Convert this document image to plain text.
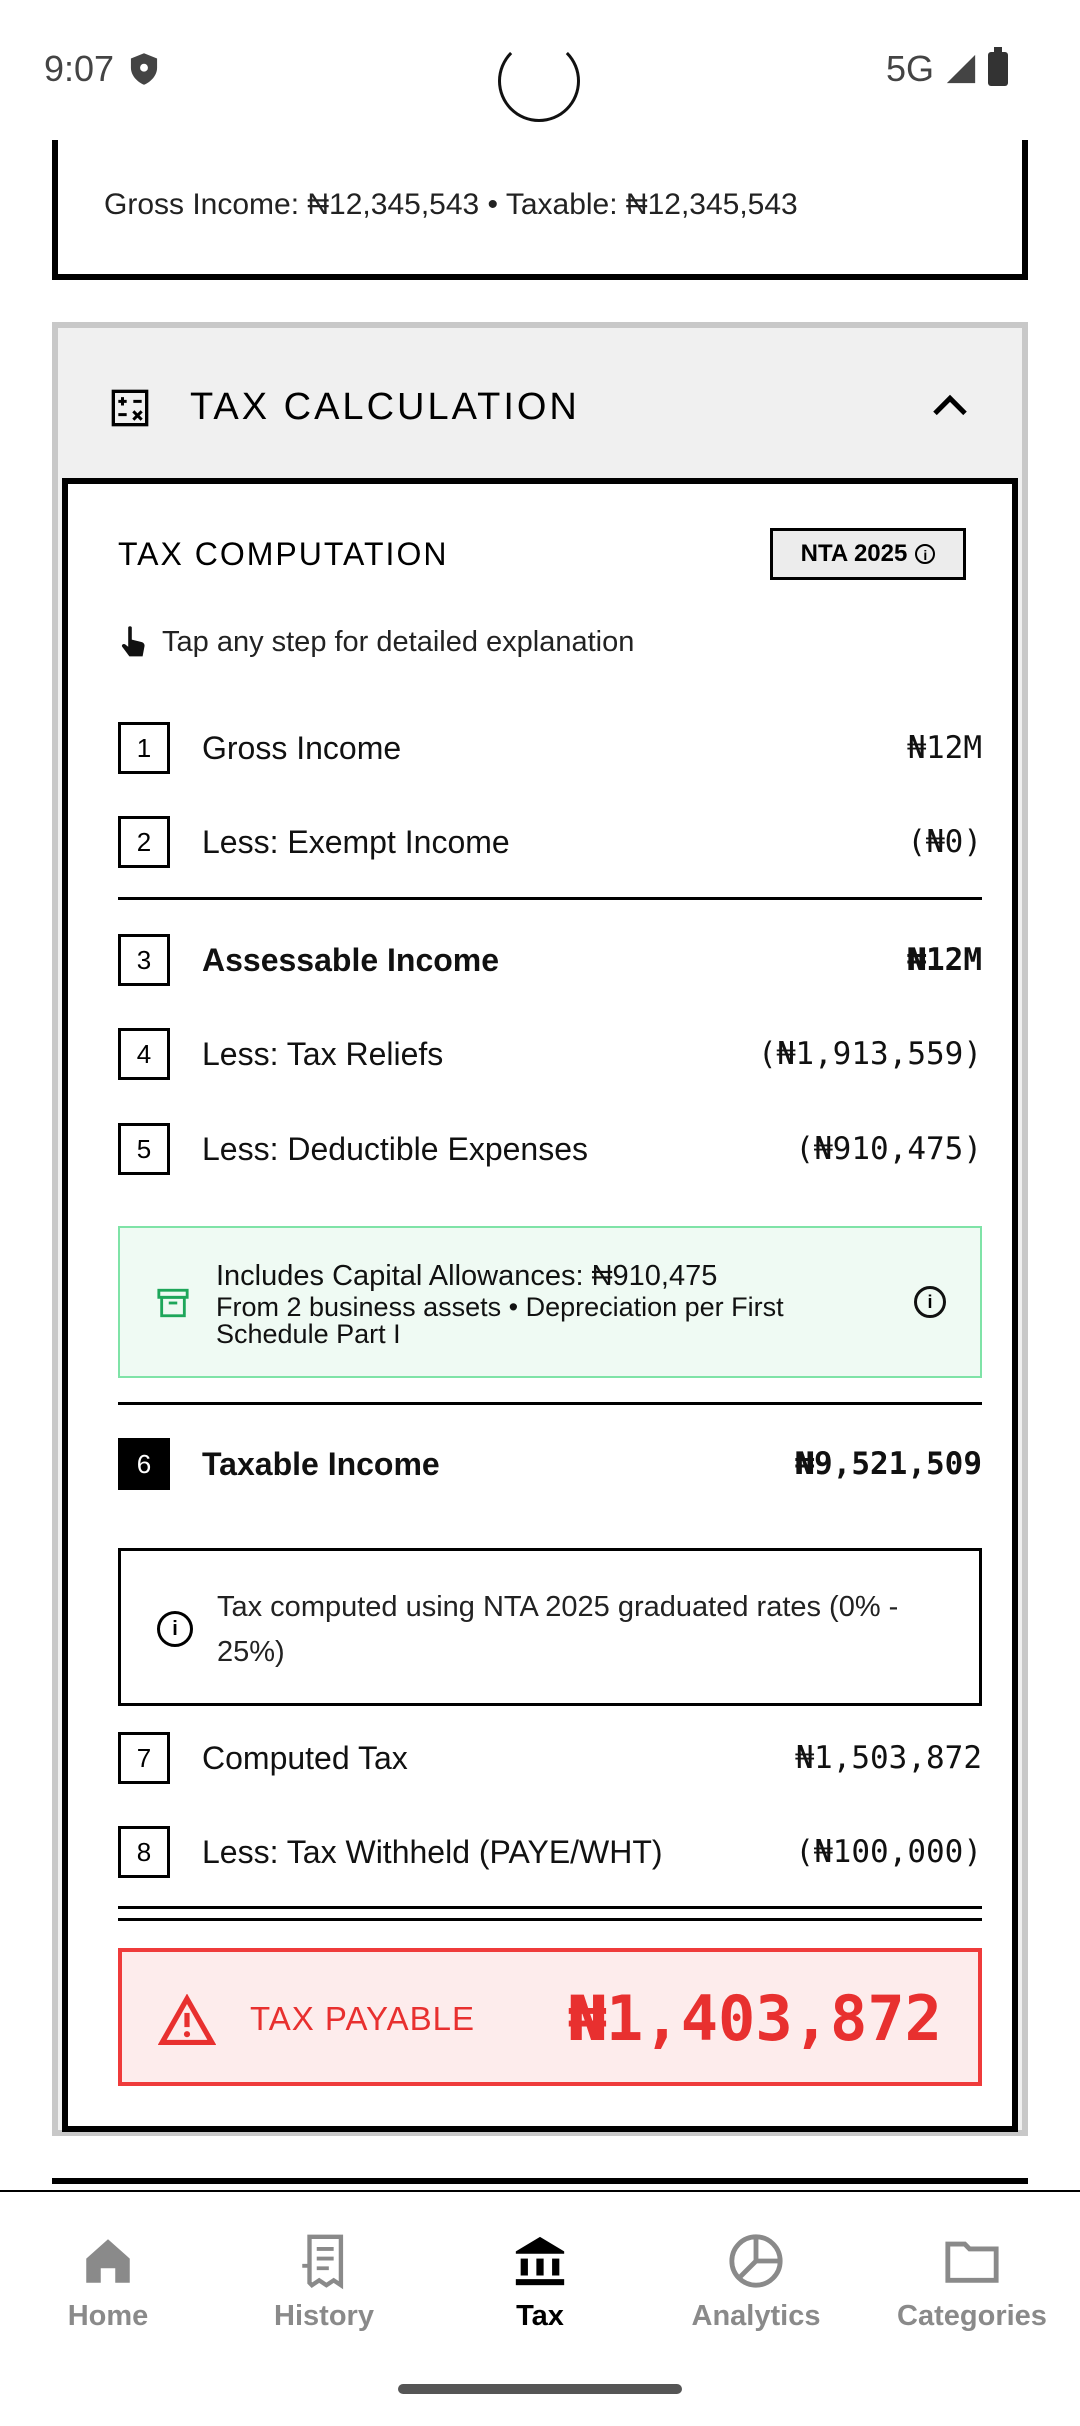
9:07	5G
Gross Income: ₦12,345,543 • Taxable: ₦12,345,543
TAX CALCULATION
TAX COMPUTATION	NTA 2025	i
Tap any step for detailed explanation
1	Gross Income	₦12M
2	Less: Exempt Income	(₦0)
3	Assessable Income	₦12M
4	Less: Tax Reliefs	(₦1,913,559)
5	Less: Deductible Expenses	(₦910,475)
Includes Capital Allowances: ₦910,475
From 2 business assets • Depreciation per First Schedule Part I
i
6	Taxable Income	₦9,521,509
i
Tax computed using NTA 2025 graduated rates (0% - 25%)
7	Computed Tax	₦1,503,872
8	Less: Tax Withheld (PAYE/WHT)	(₦100,000)
TAX PAYABLE ₦1,403,872
Home	History	Tax	Analytics	Categories
